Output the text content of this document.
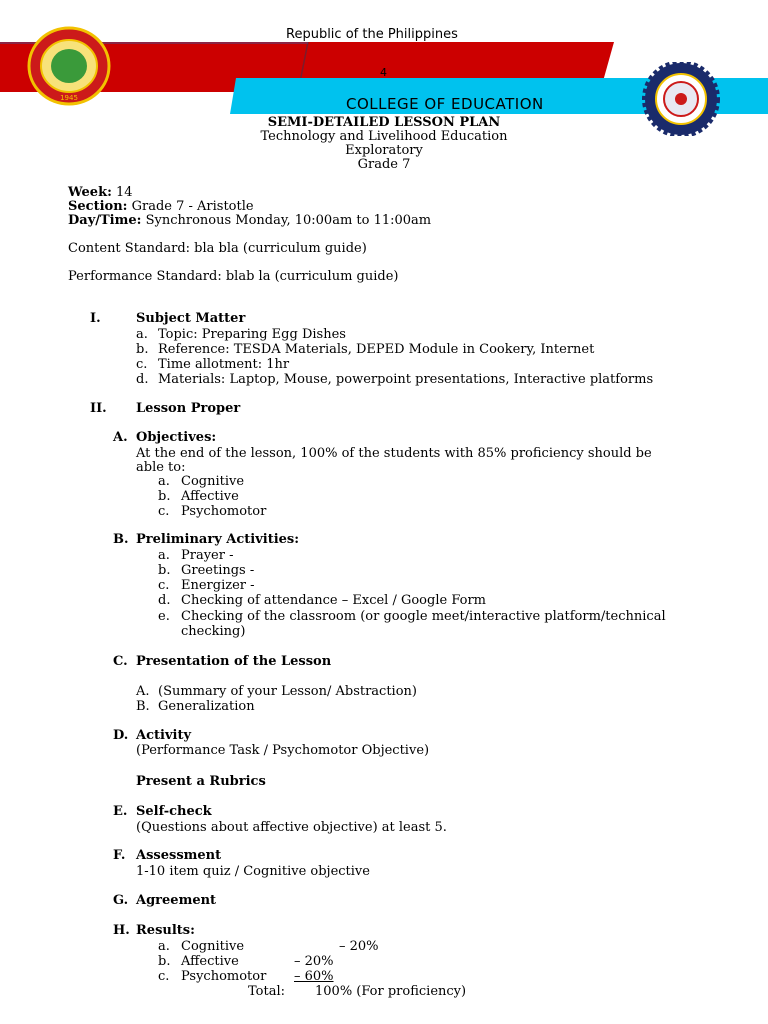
Republic of the Philippines
4
COLLEGE OF EDUCATION
1945
SEMI-DETAILED LESSON PLAN
Technology and Livelihood Education
Exploratory
Grade 7
Week: 14
Section: Grade 7 - Aristotle
Day/Time: Synchronous Monday, 10:00am to 11:00am
Content Standard: bla bla (curriculum guide)
Performance Standard: blab la (curriculum guide)
I.	Subject Matter
a. Topic: Preparing Egg Dishes
b. Reference: TESDA Materials, DEPED Module in Cookery, Internet
c. Time allotment: 1hr
d. Materials: Laptop, Mouse, powerpoint presentations, Interactive platforms
II. Lesson Proper
A. Objectives:
At the end of the lesson, 100% of the students with 85% proficiency should be
able to:
a. Cognitive
b. Affective
c. Psychomotor
B. Preliminary Activities:
a. Prayer -
b. Greetings -
c. Energizer -
d. Checking of attendance – Excel / Google Form
e. Checking of the classroom (or google meet/interactive platform/technical
checking)
C. Presentation of the Lesson
A. (Summary of your Lesson/ Abstraction)
B. Generalization
D. Activity
(Performance Task / Psychomotor Objective)
Present a Rubrics
E. Self-check
(Questions about affective objective) at least 5.
F. Assessment
1-10 item quiz / Cognitive objective
G. Agreement
H. Results:
a. Cognitive	– 20%
b. Affective	– 20%
c. Psychomotor – 60%
Total: 100% (For proficiency)
